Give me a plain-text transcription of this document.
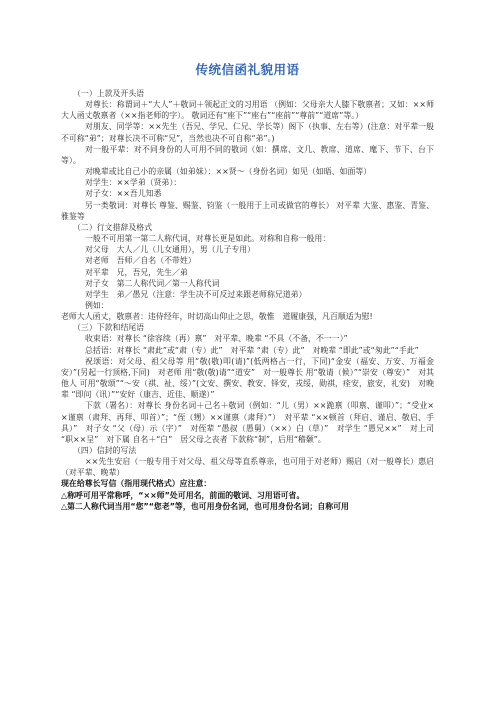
传统信函礼貌用语

（一）上款及开头语

对尊长：称谓词＋“大人”＋敬词＋领起正文的习用语 （例如：父母亲大人膝下敬禀者；又如：××师大人函丈敬禀者（××指老师的字）。 敬词还有“座下”“座右”“座前”“尊前”“道席”等。）

对朋友、同学等：××先生（吾兄、学兄、仁兄、学长等）阁下（执事、左右等）(注意：对平辈一般不可称“弟”；对尊长决不可称“兄”，当然也决不可自称“弟”。)

对一般平辈：对不同身份的人可用不同的敬词（如：撰席、文几、教席、道席、麾下、节下、台下等）。

对晚辈或比自己小的亲属（如弟妹）：××贤～（身份名词）如见（如晤、如面等）

对学生：××学弟（贤弟）：

对子女：××吾儿知悉

另一类敬词：对尊长 尊鉴、赐鉴、钧鉴（一般用于上司或做官的尊长） 对平辈 大鉴、惠鉴、青鉴、雅鉴等

（二）行文措辞及格式

一般不可用第一第二人称代词，对尊长更是如此。对称和自称一般用：

对父母　大人／儿（儿女通用），男（儿子专用）

对老师　吾师／自名（不带姓）

对平辈　兄，吾兄，先生／弟

对子女　第二人称代词／第一人称代词

对学生　弟／愚兄（注意：学生决不可反过来跟老师称兄道弟）

例如：

老师大人函丈，敬禀者：违侍经年，时切高山仰止之思，敬惟　道履康强，凡百顺适为慰!

（三）下款和结尾语

收束语：对尊长 “徐容续（再）禀”　对平辈、晚辈 “不具（不备，不一一）”

总括语：对尊长 “肃此”或“肃（专）此”　对平辈 “肃（专）此”　对晚辈 “即此”或“匆此”“手此”

祝颂语：对父母、祖父母等 用“敬(敬)叩(请)”(低两格占一行，下同)“金安（福安、万安、万福金安）”(另起一行顶格,下同)　对老师 用“敬(敬)请”“道安”　对一般尊长 用“敬请（候）”“崇安（尊安）”　对其他人 可用“敬颂”“～安（祺、祉、绥）”(文安、撰安、教安、铎安，戎绥，勋祺，痊安，旅安，礼安)　对晚辈 “即问（讯）”“安好（康吉、近佳、顺遂）”

下款（署名）：对尊长 身份名词＋己名＋敬词（例如：“儿（男）××跪禀（叩禀、谨叩）”；“受业××谨禀（肃拜、再拜、叩首）”；“侄（甥）××谨禀（肃拜）”）　对平辈 “××顿首（拜启、谨启、敬启、手具）”　对子女 “父（母）示（字）”　对侄辈 “愚叔（愚舅）（××）白（草）”　对学生 “愚兄××”　对上司 “职××呈”　对下属 自名＋“白”　居父母之丧者 下款称“制”，后用“稽颡”。

（四）信封的写法

××先生安启（一般专用于对父母、祖父母等直系尊亲，也可用于对老师）赐启（对一般尊长）惠启（对平辈、晚辈）

现在给尊长写信（指用现代格式）应注意：

△称呼可用平常称呼，“××师”处可用名，前面的敬词、习用语可省。

△第二人称代词当用“您”“您老”等，也可用身份名词，也可用身份名词；自称可用
